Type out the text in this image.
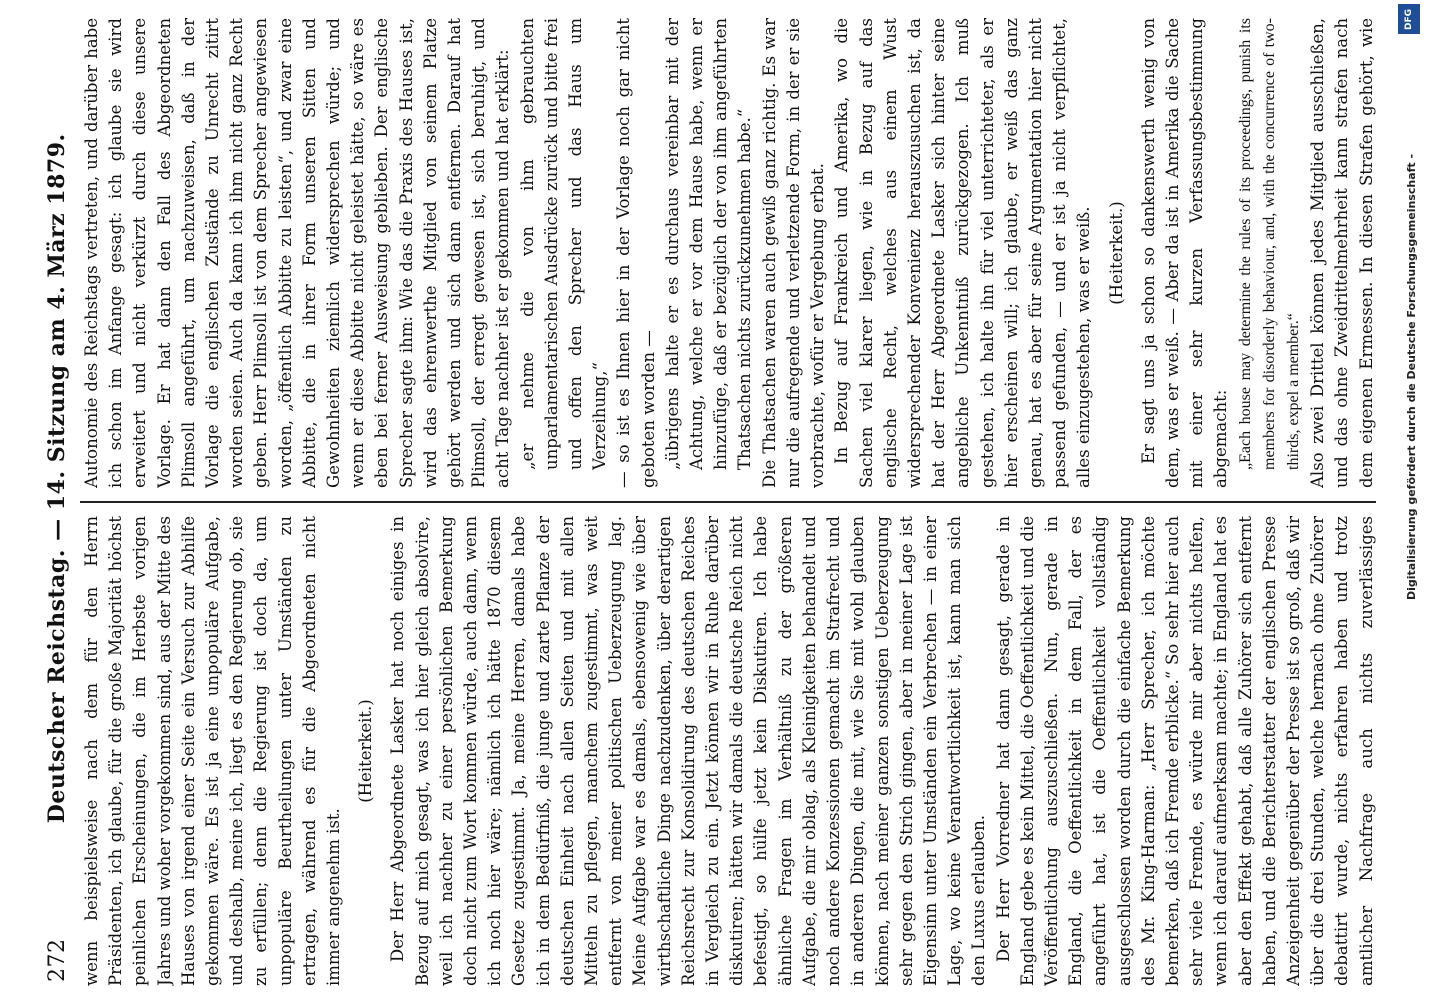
272
Deutscher Reichstag. — 14. Sitzung am 4. März 1879. wenn beispielsweise nach dem für den Herrn Präsidenten, ich glaube, für die große Majorität höchst peinlichen Erscheinungen, die im Herbste vorigen Jahres und woher vorgekommen sind, aus der Mitte des Hauses von irgend einer Seite ein Versuch zur Abhilfe gekommen wäre. Es ist ja eine unpopuläre Aufgabe, und deshalb, meine ich, liegt es den Regierung ob, sie zu erfüllen; denn die Regierung ist doch da, um unpopuläre Beurtheilungen unter Umständen zu ertragen, während es für die Abgeordneten nicht immer angenehm ist.

(Heiterkeit.) Der Herr Abgeordnete Lasker hat noch einiges in Bezug auf mich gesagt, was ich hier gleich absolvire, weil ich nachher zu einer persönlichen Bemerkung doch nicht zum Wort kommen würde, auch dann, wenn ich noch hier wäre; nämlich ich hätte 1870 diesem Gesetze zugestimmt. Ja, meine Herren, damals habe ich in dem Bedürfniß, die junge und zarte Pflanze der deutschen Einheit nach allen Seiten und mit allen Mitteln zu pflegen, manchem zugestimmt, was weit entfernt von meiner politischen Ueberzeugung lag. Meine Aufgabe war es damals, ebensowenig wie über wirthschaftliche Dinge nachzudenken, über derartigen Reichsrecht zur Konsolidirung des deutschen Reiches in Vergleich zu ein. Jetzt können wir in Ruhe darüber diskutiren; hätten wir damals die deutsche Reich nicht befestigt, so hülfe jetzt kein Diskutiren. Ich habe ähnliche Fragen im Verhältniß zu der größeren Aufgabe, die mir oblag, als Kleinigkeiten behandelt und noch andere Konzessionen gemacht im Strafrecht und in anderen Dingen, die mit, wie Sie mit wohl glauben können, nach meiner ganzen sonstigen Ueberzeugung sehr gegen den Strich gingen, aber in meiner Lage ist Eigensinn unter Umständen ein Verbrechen — in einer Lage, wo keine Verantwortlichkeit ist, kann man sich den Luxus erlauben. Der Herr Vorredner hat dann gesagt, gerade in England gebe es kein Mittel, die Oeffentlichkeit und die Veröffentlichung auszuschließen. Nun, gerade in England, die Oeffentlichkeit in dem Fall, der es angeführt hat, ist die Oeffentlichkeit vollständig ausgeschlossen worden durch die einfache Bemerkung des Mr. King-Harman: „Herr Sprecher, ich möchte bemerken, daß ich Fremde erblicke.“ So sehr hier auch sehr viele Fremde, es würde mir aber nichts helfen, wenn ich darauf aufmerksam machte; in England hat es aber den Effekt gehabt, daß alle Zuhörer sich entfernt haben, und die Berichterstatter der englischen Presse Anzeigenheit gegenüber der Presse ist so groß, daß wir über die drei Stunden, welche hernach ohne Zuhörer debattirt wurde, nichts erfahren haben und trotz amtlicher Nachfrage auch nichts zuverlässiges

Autonomie des Reichstags vertreten, und darüber habe ich schon im Anfange gesagt: ich glaube sie wird erweitert und nicht verkürzt durch diese unsere Vorlage. Er hat dann den Fall des Abgeordneten Plimsoll angeführt, um nachzuweisen, daß in der Vorlage die englischen Zustände zu Unrecht zitirt worden seien. Auch da kann ich ihm nicht ganz Recht geben. Herr Plimsoll ist von dem Sprecher angewiesen worden, „öffentlich Abbitte zu leisten“, und zwar eine Abbitte, die in ihrer Form unseren Sitten und Gewohnheiten ziemlich widersprechen würde; und wenn er diese Abbitte nicht geleistet hätte, so wäre es eben bei ferner Ausweisung geblieben. Der englische Sprecher sagte ihm: Wie das die Praxis des Hauses ist, wird das ehrenwerthe Mitglied von seinem Platze gehört werden und sich dann entfernen. Darauf hat Plimsoll, der erregt gewesen ist, sich beruhigt, und acht Tage nachher ist er gekommen und hat erklärt: „er nehme die von ihm gebrauchten unparlamentarischen Ausdrücke zurück und bitte frei und offen den Sprecher und das Haus um Verzeihung,“ — so ist es Ihnen hier in der Vorlage noch gar nicht geboten worden — „übrigens halte er es durchaus vereinbar mit der Achtung, welche er vor dem Hause habe, wenn er hinzufüge, daß er bezüglich der von ihm angeführten Thatsachen nichts zurückzunehmen habe.“ Die Thatsachen waren auch gewiß ganz richtig. Es war nur die aufregende und verletzende Form, in der er sie vorbrachte, wofür er Vergebung erbat. In Bezug auf Frankreich und Amerika, wo die Sachen viel klarer liegen, wie in Bezug auf das englische Recht, welches aus einem Wust widersprechender Konvenienz herauszusuchen ist, da hat der Herr Abgeordnete Lasker sich hinter seine angebliche Unkenntniß zurückgezogen. Ich muß gestehen, ich halte ihn für viel unterrichteter, als er hier erscheinen will; ich glaube, er weiß das ganz genau, hat es aber für seine Argumentation hier nicht passend gefunden, — und er ist ja nicht verpflichtet, alles einzugestehen, was er weiß. (Heiterkeit.) Er sagt uns ja schon so dankenswerth wenig von dem, was er weiß. — Aber da ist in Amerika die Sache mit einer sehr kurzen Verfassungsbestimmung abgemacht: „Each house may determine the rules of its proceedings, punish its members for disorderly behaviour, and, with the concurrence of two-thirds, expel a member.“

Also zwei Drittel können jedes Mitglied ausschließen, und das ohne Zweidrittelmehrheit kann strafen nach dem eigenen Ermessen. In diesen Strafen gehört, wie	DFG
Digitalisierung gefördert durch die Deutsche Forschungsgemeinschaft -
